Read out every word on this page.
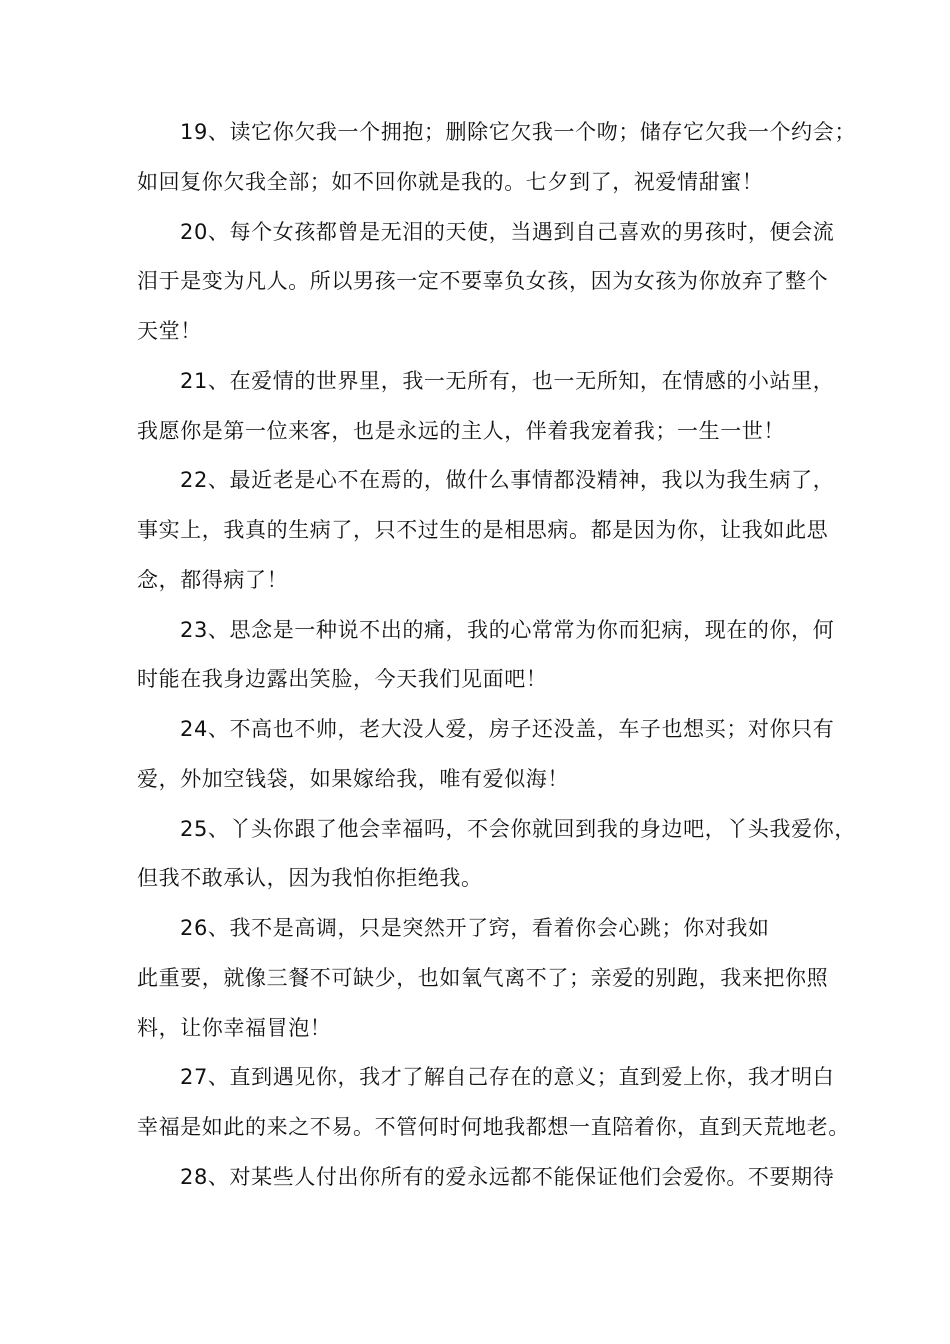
19、读它你欠我一个拥抱；删除它欠我一个吻；储存它欠我一个约会；
如回复你欠我全部；如不回你就是我的。七夕到了，祝爱情甜蜜！
20、每个女孩都曾是无泪的天使，当遇到自己喜欢的男孩时，便会流
泪于是变为凡人。所以男孩一定不要辜负女孩，因为女孩为你放弃了整个
天堂！
21、在爱情的世界里，我一无所有，也一无所知，在情感的小站里，
我愿你是第一位来客，也是永远的主人，伴着我宠着我；一生一世！
22、最近老是心不在焉的，做什么事情都没精神，我以为我生病了，
事实上，我真的生病了，只不过生的是相思病。都是因为你，让我如此思
念，都得病了！
23、思念是一种说不出的痛，我的心常常为你而犯病，现在的你，何
时能在我身边露出笑脸，今天我们见面吧！
24、不高也不帅，老大没人爱，房子还没盖，车子也想买；对你只有
爱，外加空钱袋，如果嫁给我，唯有爱似海！
25、丫头你跟了他会幸福吗，不会你就回到我的身边吧，丫头我爱你，
但我不敢承认，因为我怕你拒绝我。
26、我不是高调，只是突然开了窍，看着你会心跳；你对我如
此重要，就像三餐不可缺少，也如氧气离不了；亲爱的别跑，我来把你照
料，让你幸福冒泡！
27、直到遇见你，我才了解自己存在的意义；直到爱上你，我才明白
幸福是如此的来之不易。不管何时何地我都想一直陪着你，直到天荒地老。
28、对某些人付出你所有的爱永远都不能保证他们会爱你。不要期待
